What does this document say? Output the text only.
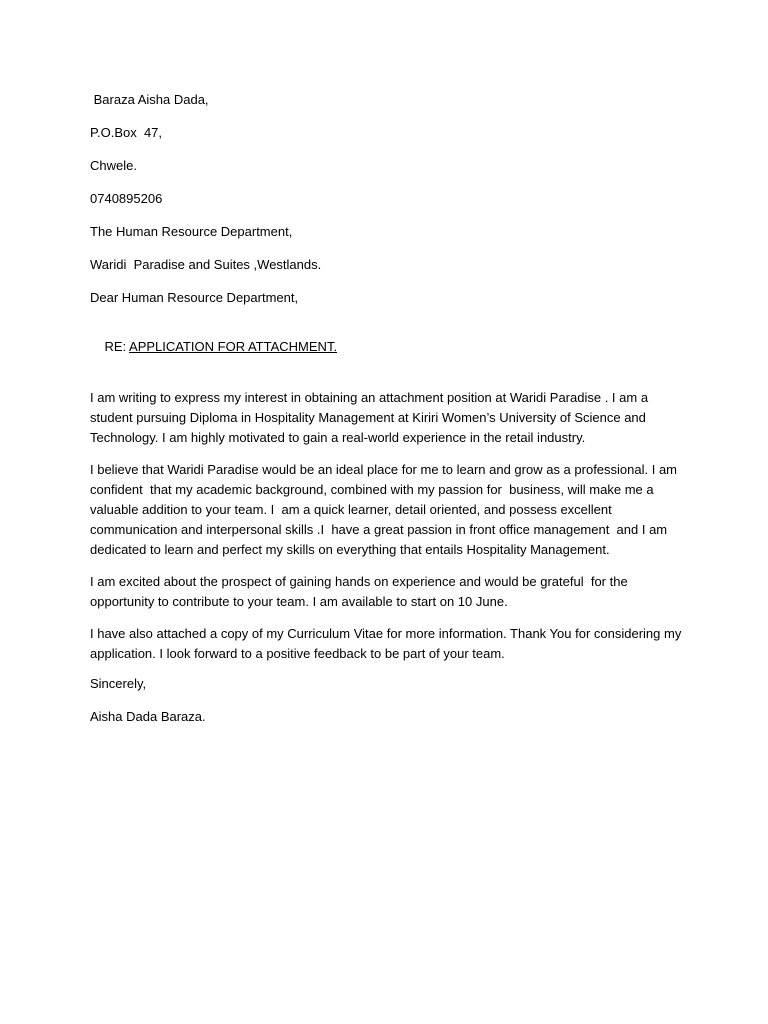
Baraza Aisha Dada,
P.O.Box  47,
Chwele.
0740895206
The Human Resource Department,
Waridi  Paradise and Suites ,Westlands.
Dear Human Resource Department,

RE: APPLICATION FOR ATTACHMENT.

I am writing to express my interest in obtaining an attachment position at Waridi Paradise . I am a
student pursuing Diploma in Hospitality Management at Kiriri Women’s University of Science and
Technology. I am highly motivated to gain a real-world experience in the retail industry.
I believe that Waridi Paradise would be an ideal place for me to learn and grow as a professional. I am
confident  that my academic background, combined with my passion for  business, will make me a
valuable addition to your team. I  am a quick learner, detail oriented, and possess excellent
communication and interpersonal skills .I  have a great passion in front office management  and I am
dedicated to learn and perfect my skills on everything that entails Hospitality Management.
I am excited about the prospect of gaining hands on experience and would be grateful  for the
opportunity to contribute to your team. I am available to start on 10 June.
I have also attached a copy of my Curriculum Vitae for more information. Thank You for considering my
application. I look forward to a positive feedback to be part of your team.
Sincerely,
Aisha Dada Baraza.
